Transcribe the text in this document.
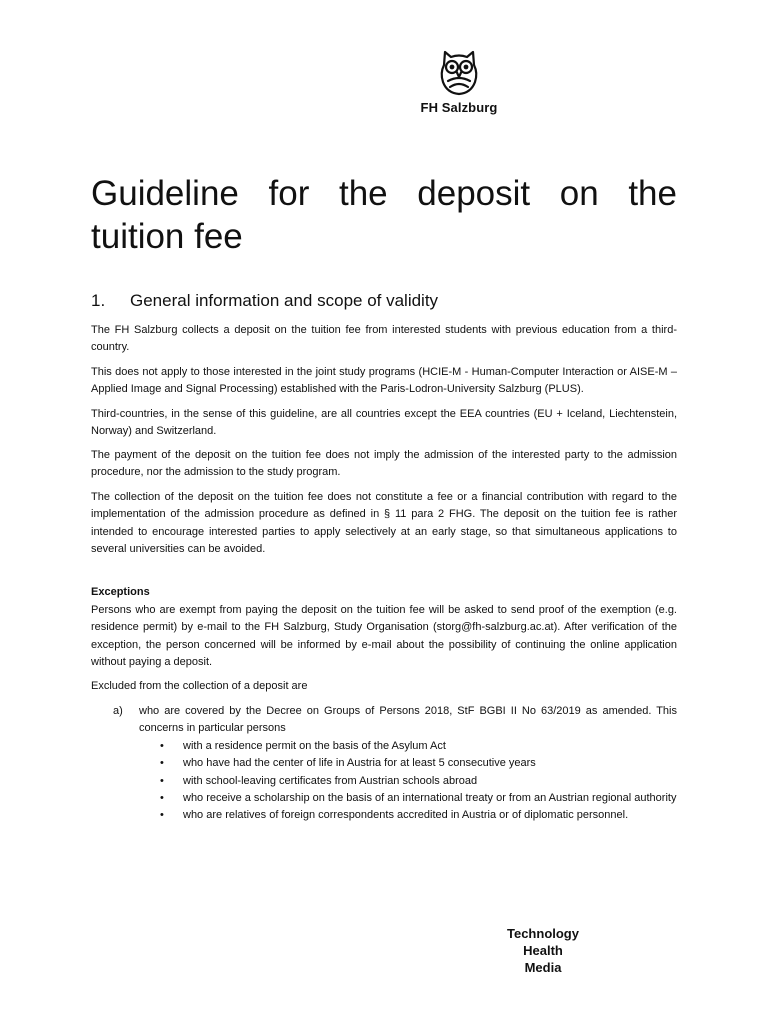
FH Salzburg
Guideline for the deposit on the tuition fee
1. General information and scope of validity

The FH Salzburg collects a deposit on the tuition fee from interested students with previous education from a third-country.

This does not apply to those interested in the joint study programs (HCIE-M - Human-Computer Interaction or AISE-M – Applied Image and Signal Processing) established with the Paris-Lodron-University Salzburg (PLUS).

Third-countries, in the sense of this guideline, are all countries except the EEA countries (EU + Iceland, Liechtenstein, Norway) and Switzerland.

The payment of the deposit on the tuition fee does not imply the admission of the interested party to the admission procedure, nor the admission to the study program.

The collection of the deposit on the tuition fee does not constitute a fee or a financial contribution with regard to the implementation of the admission procedure as defined in § 11 para 2 FHG. The deposit on the tuition fee is rather intended to encourage interested parties to apply selectively at an early stage, so that simultaneous applications to several universities can be avoided.

Exceptions

Persons who are exempt from paying the deposit on the tuition fee will be asked to send proof of the exemption (e.g. residence permit) by e-mail to the FH Salzburg, Study Organisation (storg@fh-salzburg.ac.at). After verification of the exception, the person concerned will be informed by e-mail about the possibility of continuing the online application without paying a deposit.

Excluded from the collection of a deposit are

a) who are covered by the Decree on Groups of Persons 2018, StF BGBI II No 63/2019 as amended. This concerns in particular persons
• with a residence permit on the basis of the Asylum Act
• who have had the center of life in Austria for at least 5 consecutive years
• with school-leaving certificates from Austrian schools abroad
• who receive a scholarship on the basis of an international treaty or from an Austrian regional authority
• who are relatives of foreign correspondents accredited in Austria or of diplomatic personnel.
Technology
Health
Media
